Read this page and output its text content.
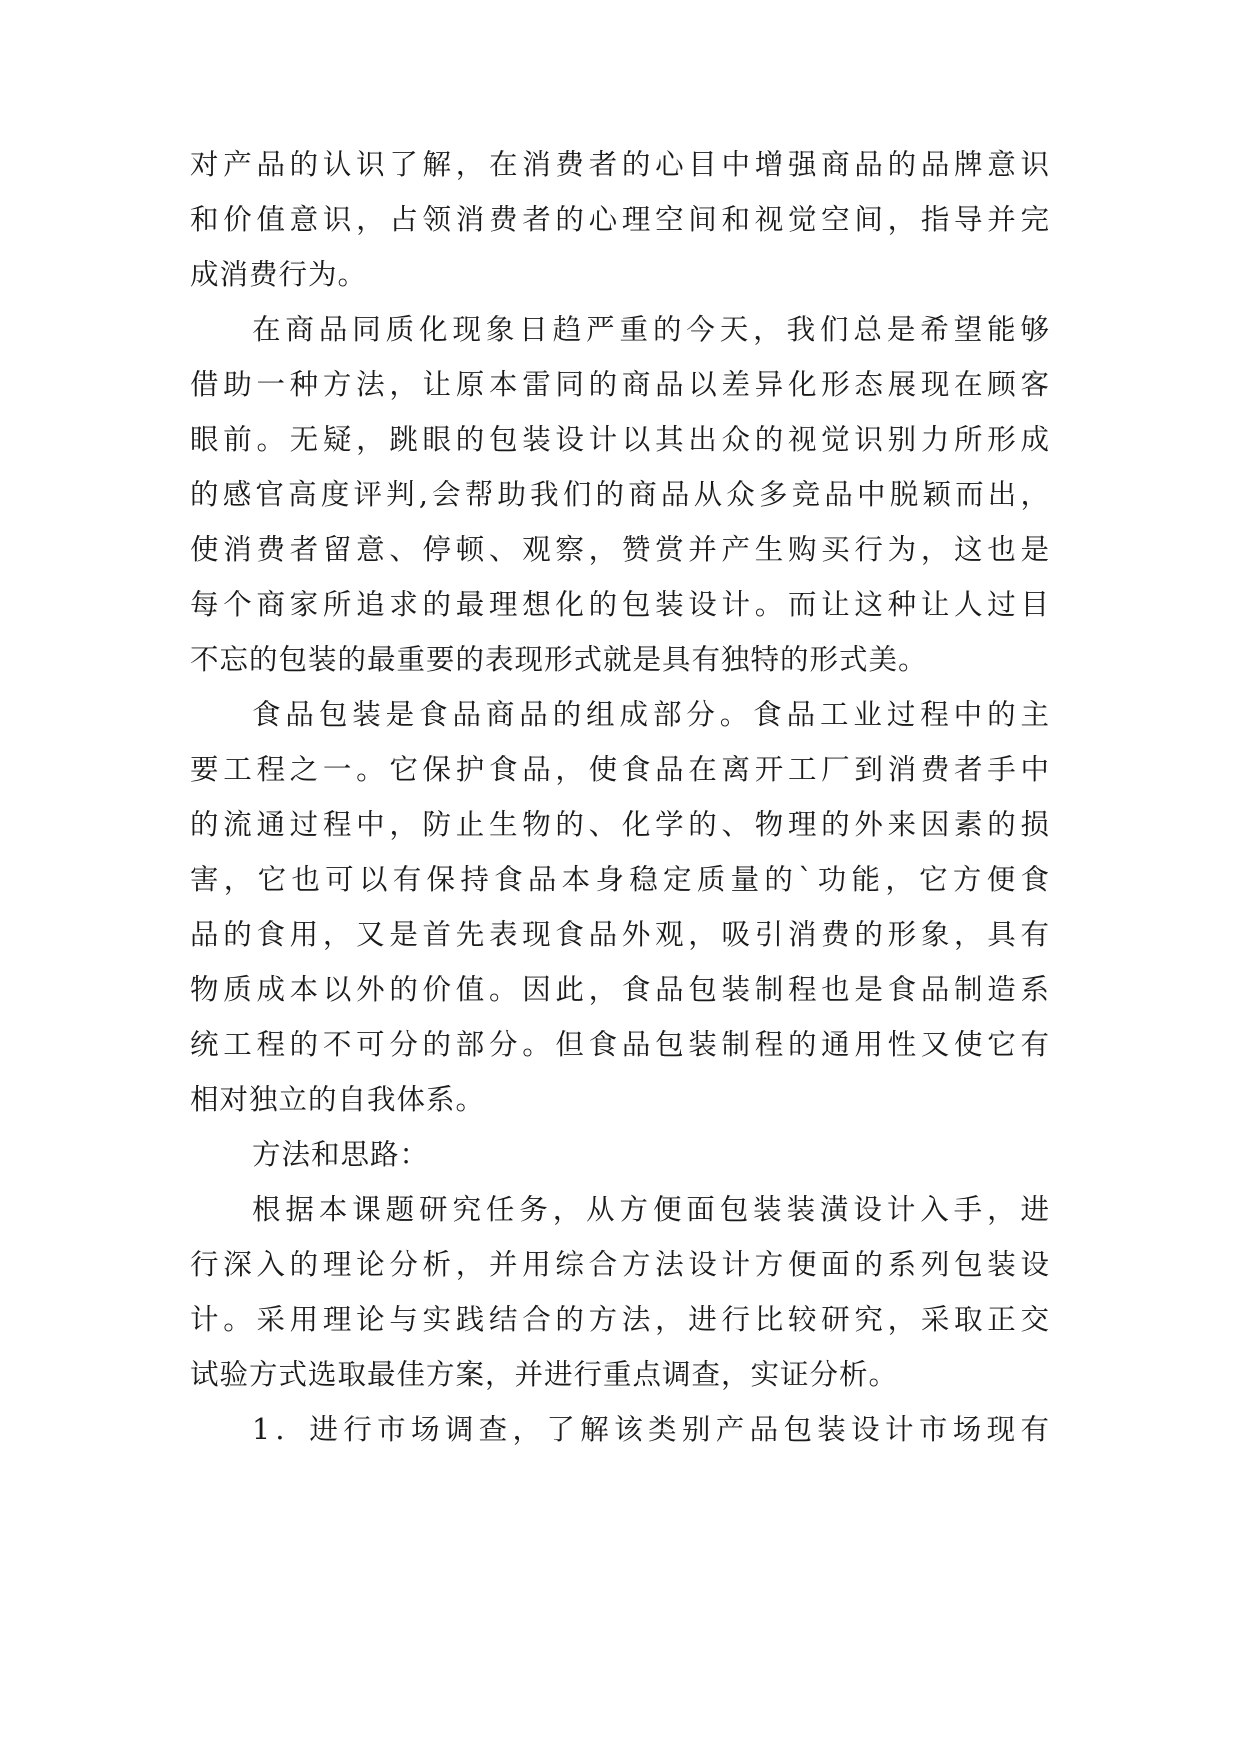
对产品的认识了解，在消费者的心目中增强商品的品牌意识
和价值意识，占领消费者的心理空间和视觉空间，指导并完
成消费行为。
在商品同质化现象日趋严重的今天，我们总是希望能够
借助一种方法，让原本雷同的商品以差异化形态展现在顾客
眼前。无疑，跳眼的包装设计以其出众的视觉识别力所形成
的感官高度评判,会帮助我们的商品从众多竞品中脱颖而出，
使消费者留意、停顿、观察，赞赏并产生购买行为，这也是
每个商家所追求的最理想化的包装设计。而让这种让人过目
不忘的包装的最重要的表现形式就是具有独特的形式美。
食品包装是食品商品的组成部分。食品工业过程中的主
要工程之一。它保护食品，使食品在离开工厂到消费者手中
的流通过程中，防止生物的、化学的、物理的外来因素的损
害，它也可以有保持食品本身稳定质量的`功能，它方便食
品的食用，又是首先表现食品外观，吸引消费的形象，具有
物质成本以外的价值。因此，食品包装制程也是食品制造系
统工程的不可分的部分。但食品包装制程的通用性又使它有
相对独立的自我体系。
方法和思路：
根据本课题研究任务，从方便面包装装潢设计入手，进
行深入的理论分析，并用综合方法设计方便面的系列包装设
计。采用理论与实践结合的方法，进行比较研究，采取正交
试验方式选取最佳方案，并进行重点调查，实证分析。
1．进行市场调查，了解该类别产品包装设计市场现有
